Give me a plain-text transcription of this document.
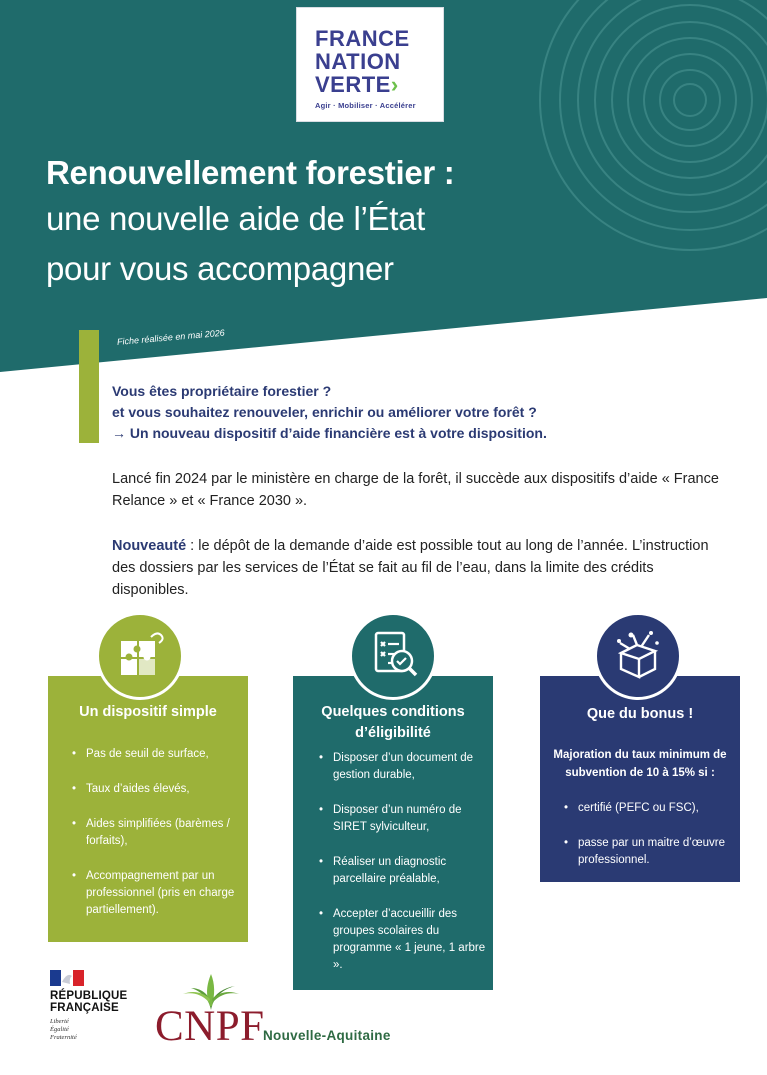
FRANCE
NATION
VERTE›
Agir · Mobiliser · Accélérer
Renouvellement forestier :
une nouvelle aide de l’État
pour vous accompagner
Fiche réalisée en mai 2026
Vous êtes propriétaire forestier ?
et vous souhaitez renouveler, enrichir ou améliorer votre forêt ?
→ Un nouveau dispositif d’aide financière est à votre disposition.
Lancé fin 2024 par le ministère en charge de la forêt, il succède aux dispositifs d’aide « France Relance » et « France 2030 ».
Nouveauté : le dépôt de la demande d’aide est possible tout au long de l’année. L’instruction des dossiers par les services de l’État se fait au fil de l’eau, dans la limite des crédits disponibles.
Un dispositif simple
• Pas de seuil de surface,
• Taux d’aides élevés,
• Aides simplifiées (barèmes / forfaits),
• Accompagnement par un professionnel (pris en charge partiellement).
Quelques conditions d’éligibilité
• Disposer d’un document de gestion durable,
• Disposer d’un numéro de SIRET sylviculteur,
• Réaliser un diagnostic parcellaire préalable,
• Accepter d’accueillir des groupes scolaires du programme « 1 jeune, 1 arbre ».
Que du bonus !
Majoration du taux minimum de subvention de 10 à 15% si :
• certifié (PEFC ou FSC),
• passe par un maitre d’œuvre professionnel.
RÉPUBLIQUE
FRANÇAISE
Liberté
Égalité
Fraternité CNPF
Nouvelle-Aquitaine
